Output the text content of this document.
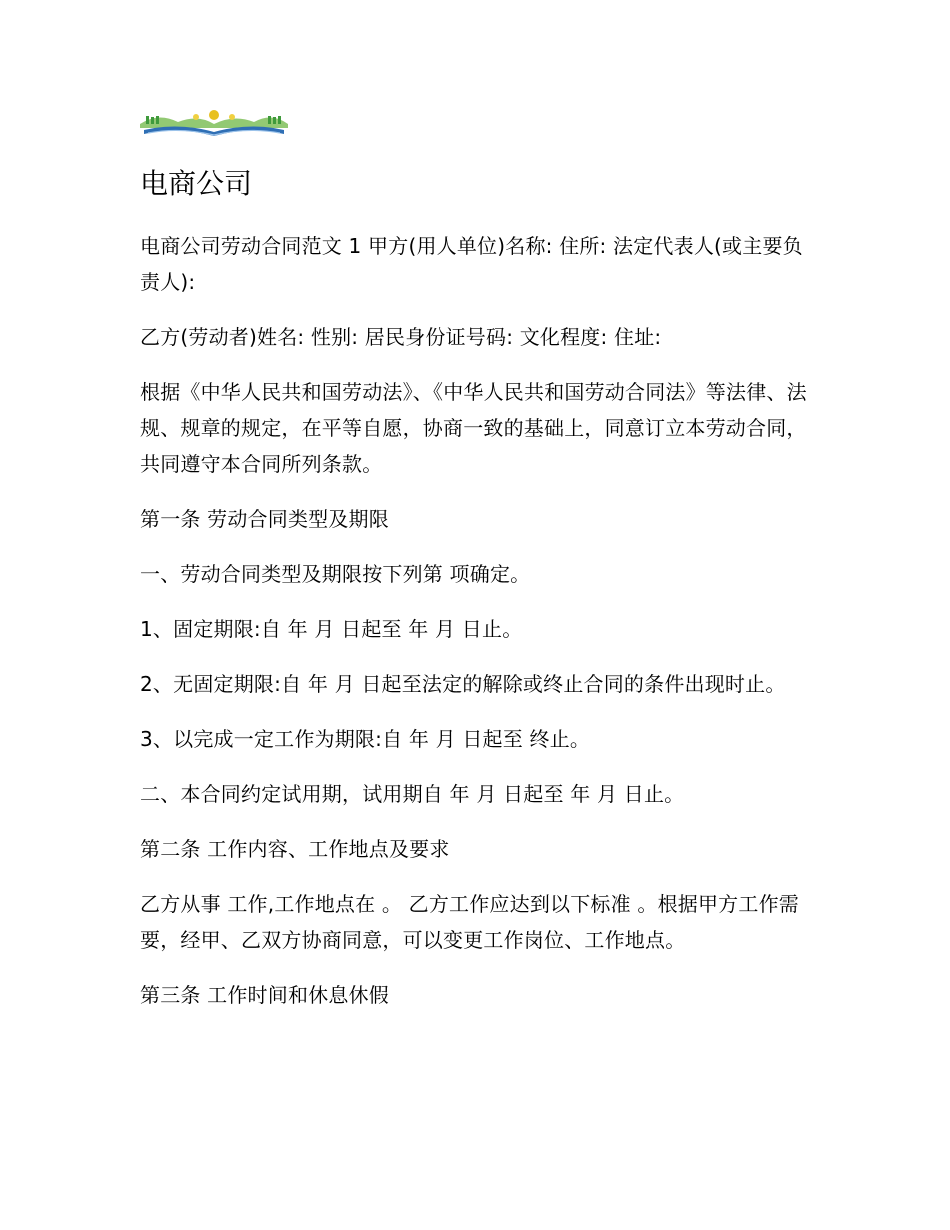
电商公司

电商公司劳动合同范文 1 甲方(用人单位)名称: 住所: 法定代表人(或主要负责人):

乙方(劳动者)姓名: 性别: 居民身份证号码: 文化程度: 住址:

根据《中华人民共和国劳动法》、《中华人民共和国劳动合同法》等法律、法规、规章的规定，在平等自愿，协商一致的基础上，同意订立本劳动合同，共同遵守本合同所列条款。

第一条 劳动合同类型及期限

一、劳动合同类型及期限按下列第 项确定。

1、固定期限:自 年 月 日起至 年 月 日止。

2、无固定期限:自 年 月 日起至法定的解除或终止合同的条件出现时止。

3、以完成一定工作为期限:自 年 月 日起至 终止。

二、本合同约定试用期，试用期自 年 月 日起至 年 月 日止。

第二条 工作内容、工作地点及要求

乙方从事 工作,工作地点在 。 乙方工作应达到以下标准 。根据甲方工作需要，经甲、乙双方协商同意，可以变更工作岗位、工作地点。

第三条 工作时间和休息休假
